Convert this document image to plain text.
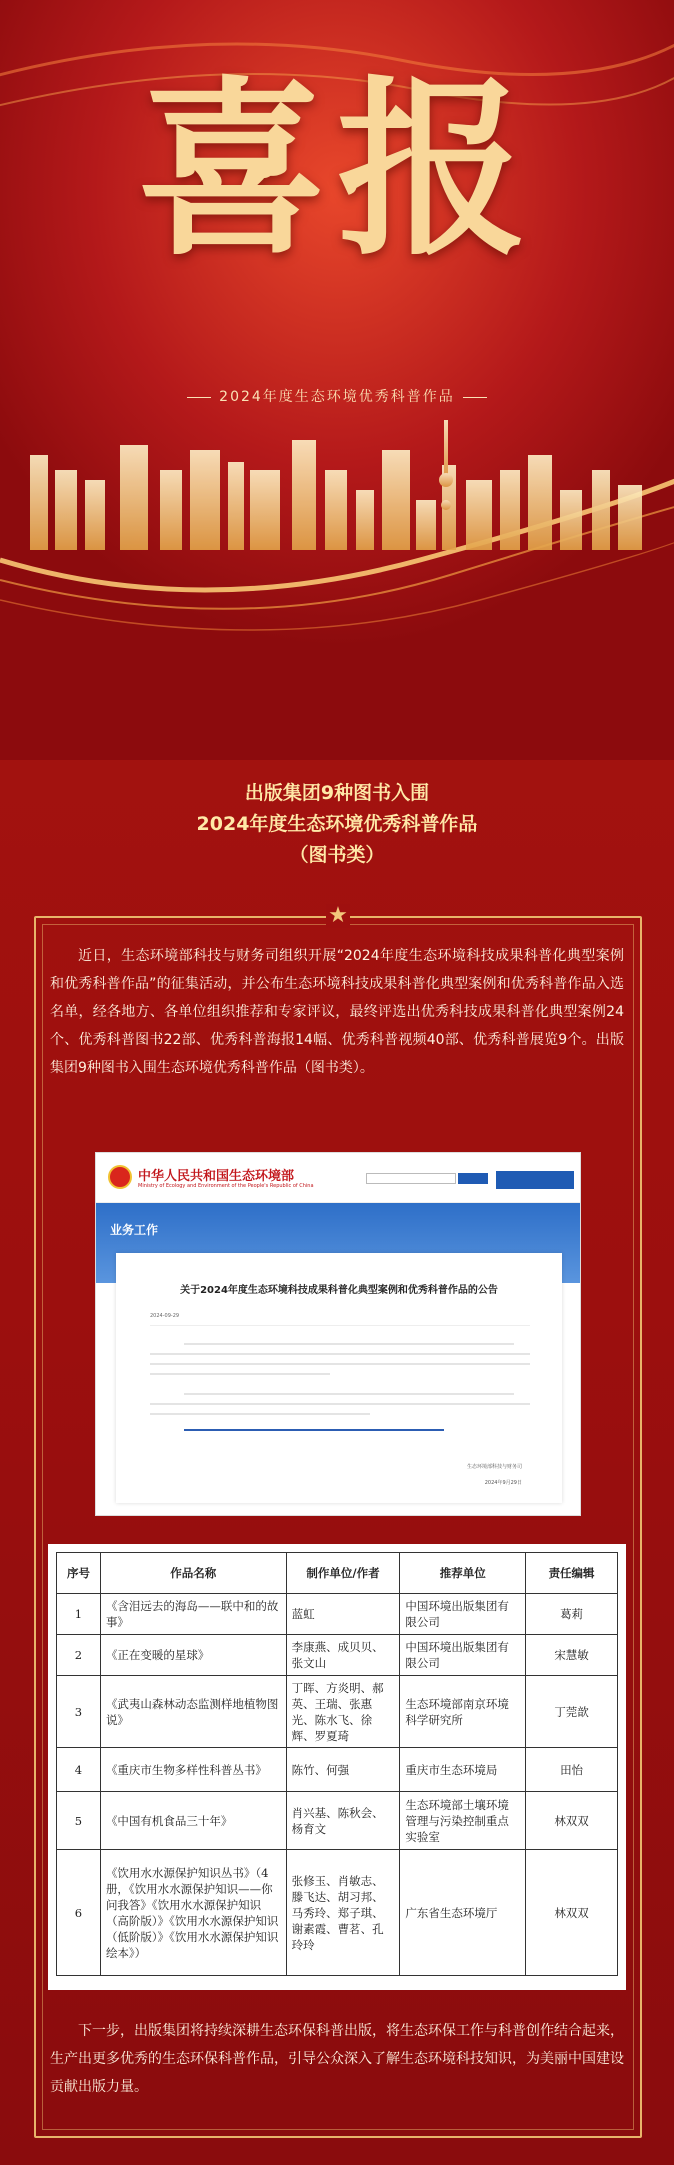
喜报
2024年度生态环境优秀科普作品
出版集团9种图书入围
2024年度生态环境优秀科普作品
（图书类）
★

近日，生态环境部科技与财务司组织开展“2024年度生态环境科技成果科普化典型案例和优秀科普作品”的征集活动，并公布生态环境科技成果科普化典型案例和优秀科普作品入选名单，经各地方、各单位组织推荐和专家评议，最终评选出优秀科技成果科普化典型案例24个、优秀科普图书22部、优秀科普海报14幅、优秀科普视频40部、优秀科普展览9个。出版集团9种图书入围生态环境优秀科普作品（图书类）。

中华人民共和国生态环境部
Ministry of Ecology and Environment of the People's Republic of China
业务工作
关于2024年度生态环境科技成果科普化典型案例和优秀科普作品的公告
2024-09-29
生态环境部科技与财务司
2024年9月29日
序号	作品名称	制作单位/作者	推荐单位	责任编辑
1	《含泪远去的海岛——联中和的故事》	蓝虹	中国环境出版集团有限公司	葛莉
2	《正在变暖的星球》	李康燕、成贝贝、张文山	中国环境出版集团有限公司	宋慧敏
3	《武夷山森林动态监测样地植物图说》	丁晖、方炎明、郝英、王瑞、张惠光、陈水飞、徐辉、罗夏琦	生态环境部南京环境科学研究所	丁莞歆
4	《重庆市生物多样性科普丛书》	陈竹、何强	重庆市生态环境局	田怡
5	《中国有机食品三十年》	肖兴基、陈秋会、杨育文	生态环境部土壤环境管理与污染控制重点实验室	林双双
6	《饮用水水源保护知识丛书》（4册，《饮用水水源保护知识——你问我答》《饮用水水源保护知识（高阶版）》《饮用水水源保护知识（低阶版）》《饮用水水源保护知识绘本》）	张修玉、肖敏志、滕飞达、胡习邦、马秀玲、郑子琪、谢素霞、曹茗、孔玲玲	广东省生态环境厅	林双双

下一步，出版集团将持续深耕生态环保科普出版，将生态环保工作与科普创作结合起来，生产出更多优秀的生态环保科普作品，引导公众深入了解生态环境科技知识，为美丽中国建设贡献出版力量。
